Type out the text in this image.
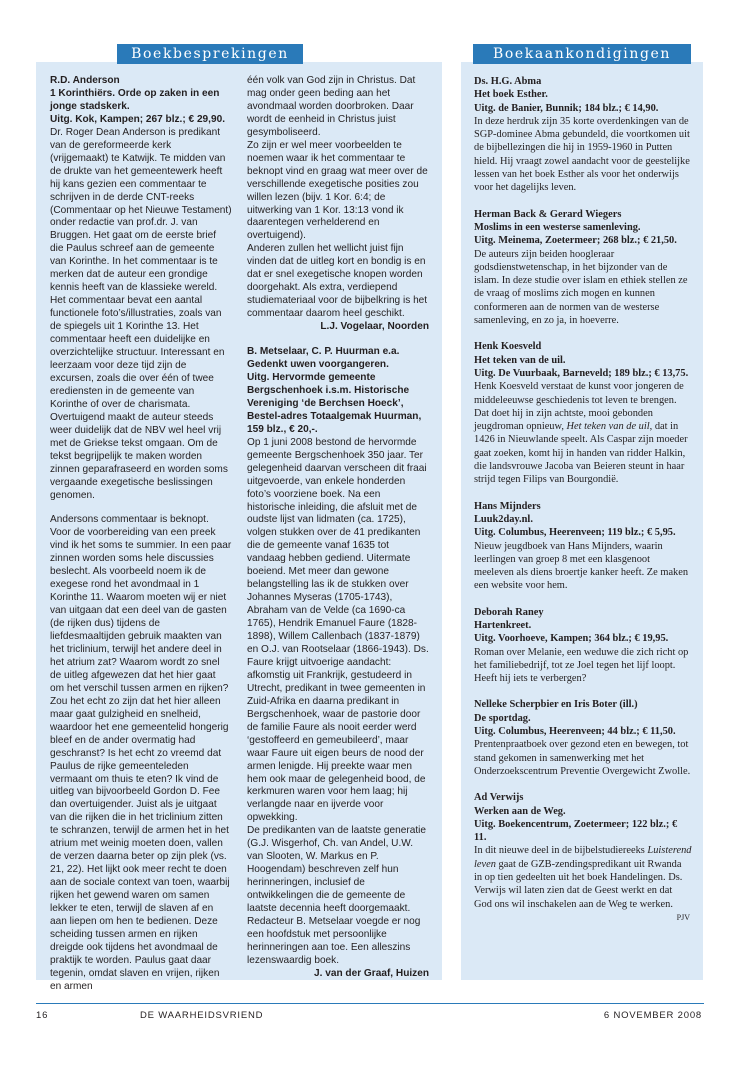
Boekbesprekingen	Boekaankondigingen

R.D. Anderson

1 Korinthiërs. Orde op zaken in een jonge stadskerk.

Uitg. Kok, Kampen; 267 blz.; € 29,90.

Dr. Roger Dean Anderson is predikant van de gereformeerde kerk (vrijgemaakt) te Katwijk. Te midden van de drukte van het gemeentewerk heeft hij kans gezien een commentaar te schrijven in de derde CNT-reeks (Commentaar op het Nieuwe Testament) onder redactie van prof.dr. J. van Bruggen. Het gaat om de eerste brief die Paulus schreef aan de gemeente van Korinthe. In het commentaar is te merken dat de auteur een grondige kennis heeft van de klassieke wereld. Het commentaar bevat een aantal functionele foto’s/illustraties, zoals van de spiegels uit 1 Korinthe 13. Het commentaar heeft een duidelijke en overzichtelijke structuur. Interessant en leerzaam voor deze tijd zijn de excursen, zoals die over één of twee erediensten in de gemeente van Korinthe of over de charismata. Overtuigend maakt de auteur steeds weer duidelijk dat de NBV wel heel vrij met de Griekse tekst omgaan. Om de tekst begrijpelijk te maken worden zinnen geparafraseerd en worden soms vergaande exegetische beslissingen genomen.

Andersons commentaar is beknopt. Voor de voorbereiding van een preek vind ik het soms te summier. In een paar zinnen worden soms hele discussies beslecht. Als voorbeeld noem ik de exegese rond het avondmaal in 1 Korinthe 11. Waarom moeten wij er niet van uitgaan dat een deel van de gasten (de rijken dus) tijdens de liefdesmaaltijden gebruik maakten van het triclinium, terwijl het andere deel in het atrium zat? Waarom wordt zo snel de uitleg afgewezen dat het hier gaat om het verschil tussen armen en rijken? Zou het echt zo zijn dat het hier alleen maar gaat gulzigheid en snelheid, waardoor het ene gemeentelid hongerig bleef en de ander overmatig had geschranst? Is het echt zo vreemd dat Paulus de rijke gemeenteleden vermaant om thuis te eten? Ik vind de uitleg van bijvoorbeeld Gordon D. Fee dan overtuigender. Juist als je uitgaat van die rijken die in het triclinium zitten te schranzen, terwijl de armen het in het atrium met weinig moeten doen, vallen de verzen daarna beter op zijn plek (vs. 21, 22). Het lijkt ook meer recht te doen aan de sociale context van toen, waarbij rijken het gewend waren om samen lekker te eten, terwijl de slaven af en aan liepen om hen te bedienen. Deze scheiding tussen armen en rijken dreigde ook tijdens het avondmaal de praktijk te worden. Paulus gaat daar tegenin, omdat slaven en vrijen, rijken en armen

één volk van God zijn in Christus. Dat mag onder geen beding aan het avondmaal worden doorbroken. Daar wordt de eenheid in Christus juist gesymboliseerd.

Zo zijn er wel meer voorbeelden te noemen waar ik het commentaar te beknopt vind en graag wat meer over de verschillende exegetische posities zou willen lezen (bijv. 1 Kor. 6:4; de uitwerking van 1 Kor. 13:13 vond ik daarentegen verhelderend en overtuigend).

Anderen zullen het wellicht juist fijn vinden dat de uitleg kort en bondig is en dat er snel exegetische knopen worden doorgehakt. Als extra, verdiepend studiemateriaal voor de bijbelkring is het commentaar daarom heel geschikt.

L.J. Vogelaar, Noorden

B. Metselaar, C. P. Huurman e.a.

Gedenkt uwen voorgangeren.

Uitg. Hervormde gemeente Bergschenhoek i.s.m. Historische Vereniging ‘de Berchsen Hoeck’, Bestel-adres Totaalgemak Huurman, 159 blz., € 20,-.

Op 1 juni 2008 bestond de hervormde gemeente Bergschenhoek 350 jaar. Ter gelegenheid daarvan verscheen dit fraai uitgevoerde, van enkele honderden foto’s voorziene boek. Na een historische inleiding, die afsluit met de oudste lijst van lidmaten (ca. 1725), volgen stukken over de 41 predikanten die de gemeente vanaf 1635 tot vandaag hebben gediend. Uitermate boeiend. Met meer dan gewone belangstelling las ik de stukken over Johannes Myseras (1705-1743), Abraham van de Velde (ca 1690-ca 1765), Hendrik Emanuel Faure (1828-1898), Willem Callenbach (1837-1879) en O.J. van Rootselaar (1866-1943). Ds. Faure krijgt uitvoerige aandacht: afkomstig uit Frankrijk, gestudeerd in Utrecht, predikant in twee gemeenten in Zuid-Afrika en daarna predikant in Bergschenhoek, waar de pastorie door de familie Faure als nooit eerder werd ‘gestoffeerd en gemeubileerd’, maar waar Faure uit eigen beurs de nood der armen lenigde. Hij preekte waar men hem ook maar de gelegenheid bood, de kerkmuren waren voor hem laag; hij verlangde naar en ijverde voor opwekking.

De predikanten van de laatste generatie (G.J. Wisgerhof, Ch. van Andel, U.W. van Slooten, W. Markus en P. Hoogendam) beschreven zelf hun herinneringen, inclusief de ontwikkelingen die de gemeente de laatste decennia heeft doorgemaakt. Redacteur B. Metselaar voegde er nog een hoofdstuk met persoonlijke herinneringen aan toe. Een alleszins lezenswaardig boek.

J. van der Graaf, Huizen

Ds. H.G. Abma

Het boek Esther.

Uitg. de Banier, Bunnik; 184 blz.; € 14,90.

In deze herdruk zijn 35 korte overdenkingen van de SGP-dominee Abma gebundeld, die voortkomen uit de bijbellezingen die hij in 1959-1960 in Putten hield. Hij vraagt zowel aandacht voor de geestelijke lessen van het boek Esther als voor het onderwijs voor het dagelijks leven.

Herman Back & Gerard Wiegers

Moslims in een westerse samenleving.

Uitg. Meinema, Zoetermeer; 268 blz.; € 21,50.

De auteurs zijn beiden hoogleraar godsdienstwetenschap, in het bijzonder van de islam. In deze studie over islam en ethiek stellen ze de vraag of moslims zich mogen en kunnen conformeren aan de normen van de westerse samenleving, en zo ja, in hoeverre.

Henk Koesveld

Het teken van de uil.

Uitg. De Vuurbaak, Barneveld; 189 blz.; € 13,75.

Henk Koesveld verstaat de kunst voor jongeren de middeleeuwse geschiedenis tot leven te brengen. Dat doet hij in zijn achtste, mooi gebonden jeugdroman opnieuw, Het teken van de uil, dat in 1426 in Nieuwlande speelt. Als Caspar zijn moeder gaat zoeken, komt hij in handen van ridder Halkin, die landsvrouwe Jacoba van Beieren steunt in haar strijd tegen Filips van Bourgondië.

Hans Mijnders

Luuk2day.nl.

Uitg. Columbus, Heerenveen; 119 blz.; € 5,95.

Nieuw jeugdboek van Hans Mijnders, waarin leerlingen van groep 8 met een klasgenoot meeleven als diens broertje kanker heeft. Ze maken een website voor hem.

Deborah Raney

Hartenkreet.

Uitg. Voorhoeve, Kampen; 364 blz.; € 19,95.

Roman over Melanie, een weduwe die zich richt op het familiebedrijf, tot ze Joel tegen het lijf loopt. Heeft hij iets te verbergen?

Nelleke Scherpbier en Iris Boter (ill.)

De sportdag.

Uitg. Columbus, Heerenveen; 44 blz.; € 11,50.

Prentenpraatboek over gezond eten en bewegen, tot stand gekomen in samenwerking met het Onderzoekscentrum Preventie Overgewicht Zwolle.

Ad Verwijs

Werken aan de Weg.

Uitg. Boekencentrum, Zoetermeer; 122 blz.; € 11.

In dit nieuwe deel in de bijbelstudiereeks Luisterend leven gaat de GZB-zendingspredikant uit Rwanda in op tien gedeelten uit het boek Handelingen. Ds. Verwijs wil laten zien dat de Geest werkt en dat God ons wil inschakelen aan de Weg te werken.

PJV

16	DE WAARHEIDSVRIEND	6 NOVEMBER 2008
